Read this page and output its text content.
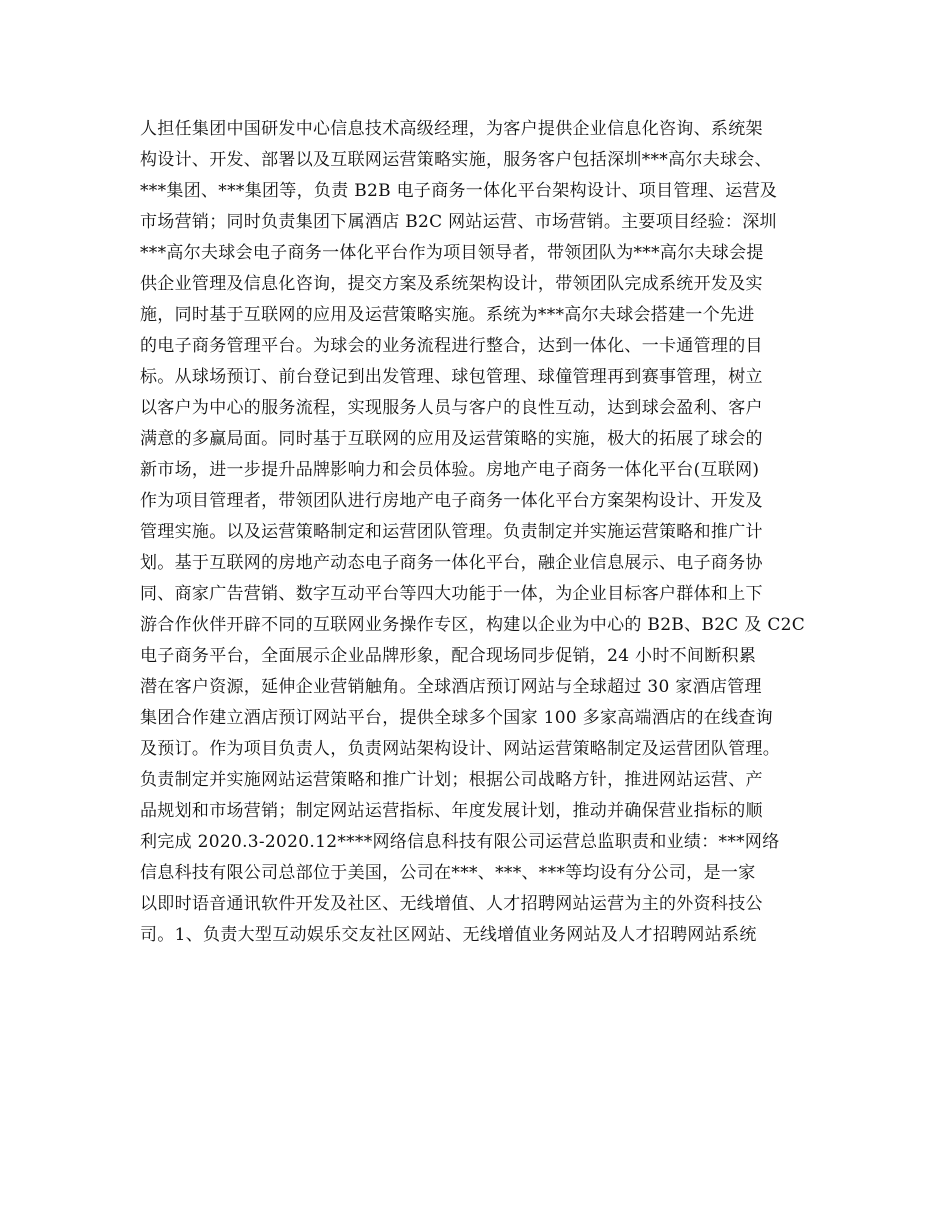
人担任集团中国研发中心信息技术高级经理，为客户提供企业信息化咨询、系统架
构设计、开发、部署以及互联网运营策略实施，服务客户包括深圳***高尔夫球会、
***集团、***集团等，负责 B2B 电子商务一体化平台架构设计、项目管理、运营及
市场营销；同时负责集团下属酒店 B2C 网站运营、市场营销。主要项目经验：深圳
***高尔夫球会电子商务一体化平台作为项目领导者，带领团队为***高尔夫球会提
供企业管理及信息化咨询，提交方案及系统架构设计，带领团队完成系统开发及实
施，同时基于互联网的应用及运营策略实施。系统为***高尔夫球会搭建一个先进
的电子商务管理平台。为球会的业务流程进行整合，达到一体化、一卡通管理的目
标。从球场预订、前台登记到出发管理、球包管理、球僮管理再到赛事管理，树立
以客户为中心的服务流程，实现服务人员与客户的良性互动，达到球会盈利、客户
满意的多赢局面。同时基于互联网的应用及运营策略的实施，极大的拓展了球会的
新市场，进一步提升品牌影响力和会员体验。房地产电子商务一体化平台(互联网)
作为项目管理者，带领团队进行房地产电子商务一体化平台方案架构设计、开发及
管理实施。以及运营策略制定和运营团队管理。负责制定并实施运营策略和推广计
划。基于互联网的房地产动态电子商务一体化平台，融企业信息展示、电子商务协
同、商家广告营销、数字互动平台等四大功能于一体，为企业目标客户群体和上下
游合作伙伴开辟不同的互联网业务操作专区，构建以企业为中心的 B2B、B2C 及 C2C
电子商务平台，全面展示企业品牌形象，配合现场同步促销，24 小时不间断积累
潜在客户资源，延伸企业营销触角。全球酒店预订网站与全球超过 30 家酒店管理
集团合作建立酒店预订网站平台，提供全球多个国家 100 多家高端酒店的在线查询
及预订。作为项目负责人，负责网站架构设计、网站运营策略制定及运营团队管理。
负责制定并实施网站运营策略和推广计划；根据公司战略方针，推进网站运营、产
品规划和市场营销；制定网站运营指标、年度发展计划，推动并确保营业指标的顺
利完成 2020.3-2020.12****网络信息科技有限公司运营总监职责和业绩：***网络
信息科技有限公司总部位于美国，公司在***、***、***等均设有分公司，是一家
以即时语音通讯软件开发及社区、无线增值、人才招聘网站运营为主的外资科技公
司。1、负责大型互动娱乐交友社区网站、无线增值业务网站及人才招聘网站系统
